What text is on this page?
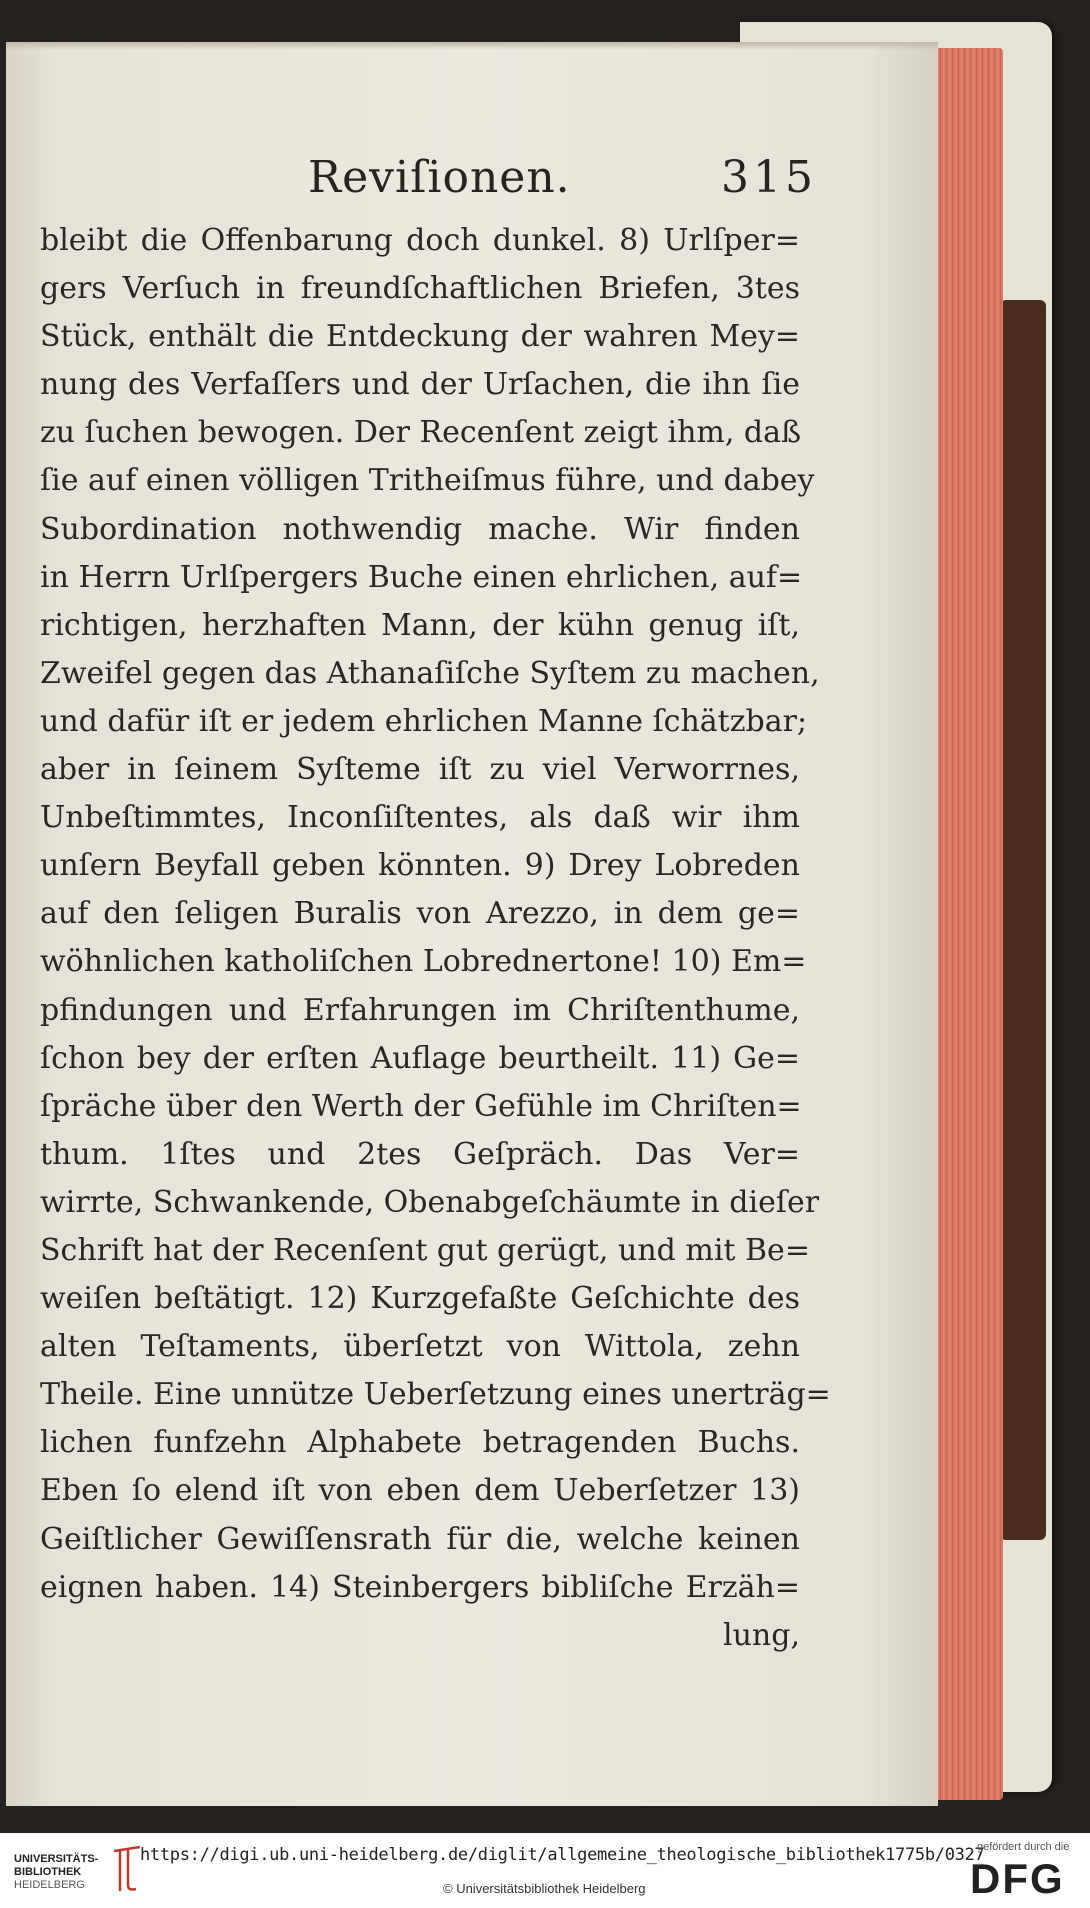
Reviſionen.	315
bleibt die Offenbarung doch dunkel. 8) Urlſper=
gers Verſuch in freundſchaftlichen Briefen, 3tes
Stück, enthält die Entdeckung der wahren Mey=
nung des Verfaſſers und der Urſachen, die ihn ſie
zu ſuchen bewogen. Der Recenſent zeigt ihm, daß
ſie auf einen völligen Tritheiſmus führe, und dabey
Subordination nothwendig mache. Wir finden
in Herrn Urlſpergers Buche einen ehrlichen, auf=
richtigen, herzhaften Mann, der kühn genug iſt,
Zweifel gegen das Athanaſiſche Syſtem zu machen,
und dafür iſt er jedem ehrlichen Manne ſchätzbar;
aber in ſeinem Syſteme iſt zu viel Verworrnes,
Unbeſtimmtes, Inconſiſtentes, als daß wir ihm
unſern Beyfall geben könnten. 9) Drey Lobreden
auf den ſeligen Buralis von Arezzo, in dem ge=
wöhnlichen katholiſchen Lobrednertone! 10) Em=
pfindungen und Erfahrungen im Chriſtenthume,
ſchon bey der erſten Auflage beurtheilt. 11) Ge=
ſpräche über den Werth der Gefühle im Chriſten=
thum. 1ſtes und 2tes Geſpräch. Das Ver=
wirrte, Schwankende, Obenabgeſchäumte in dieſer
Schrift hat der Recenſent gut gerügt, und mit Be=
weiſen beſtätigt. 12) Kurzgefaßte Geſchichte des
alten Teſtaments, überſetzt von Wittola, zehn
Theile. Eine unnütze Ueberſetzung eines unerträg=
lichen funfzehn Alphabete betragenden Buchs.
Eben ſo elend iſt von eben dem Ueberſetzer 13)
Geiſtlicher Gewiſſensrath für die, welche keinen
eignen haben. 14) Steinbergers bibliſche Erzäh=
lung,
UNIVERSITÄTS-
BIBLIOTHEK
HEIDELBERG
https://digi.ub.uni-heidelberg.de/diglit/allgemeine_theologische_bibliothek1775b/0327
© Universitätsbibliothek Heidelberg
gefördert durch die
DFG
